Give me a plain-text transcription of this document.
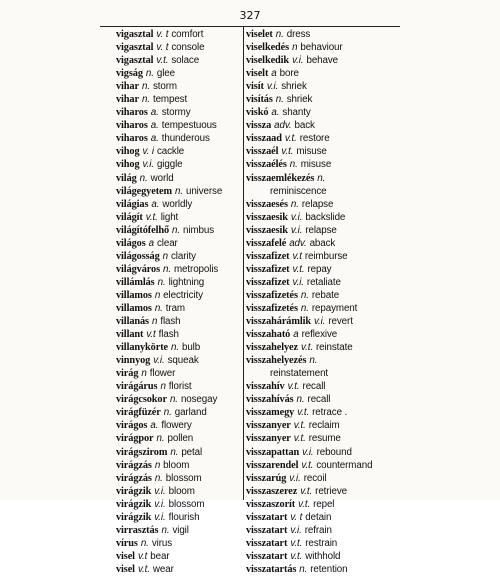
327
vigasztal v. t comfort
vigasztal v. t console
vigasztal v.t. solace
vigság n. glee
vihar n. storm
vihar n. tempest
viharos a. stormy
viharos a. tempestuous
viharos a. thunderous
vihog v. i cackle
vihog v.i. giggle
világ n. world
világegyetem n. universe
világias a. worldly
világít v.t. light
világítófelhő n. nimbus
világos a clear
világosság n clarity
világváros n. metropolis
villámlás n. lightning
villamos n electricity
villamos n. tram
villanás n flash
villant v.t flash
villanykörte n. bulb
vinnyog v.i. squeak
virág n flower
virágárus n florist
virágcsokor n. nosegay
virágfüzér n. garland
virágos a. flowery
virágpor n. pollen
virágszirom n. petal
virágzás n bloom
virágzás n. blossom
virágzik v.i. bloom
virágzik v.i. blossom
virágzik v.i. flourish
virrasztás n. vigil
vírus n. virus
visel v.t bear
visel v.t. wear
viselet n. dress
viselkedés n behaviour
viselkedik v.i. behave
viselt a bore
visít v.i. shriek
visítás n. shriek
viskó a. shanty
vissza adv. back
visszaad v.t. restore
visszaél v.t. misuse
visszaélés n. misuse
visszaemlékezés n.
reminiscence
visszaesés n. relapse
visszaesik v.i. backslide
visszaesik v.i. relapse
visszafelé adv. aback
visszafizet v.t reimburse
visszafizet v.t. repay
visszafizet v.i. retaliate
visszafizetés n. rebate
visszafizetés n. repayment
visszahárámlik v.i. revert
visszaható a reflexive
visszahelyez v.t. reinstate
visszahelyezés n.
reinstatement
visszahív v.t. recall
visszahívás n. recall
visszamegy v.t. retrace .
visszanyer v.t. reclaim
visszanyer v.t. resume
visszapattan v.i. rebound
visszarendel v.t. countermand
visszarúg v.i. recoil
visszaszerez v.t. retrieve
visszaszorít v.t. repel
visszatart v. t detain
visszatart v.i. refrain
visszatart v.t. restrain
visszatart v.t. withhold
visszatartás n. retention
